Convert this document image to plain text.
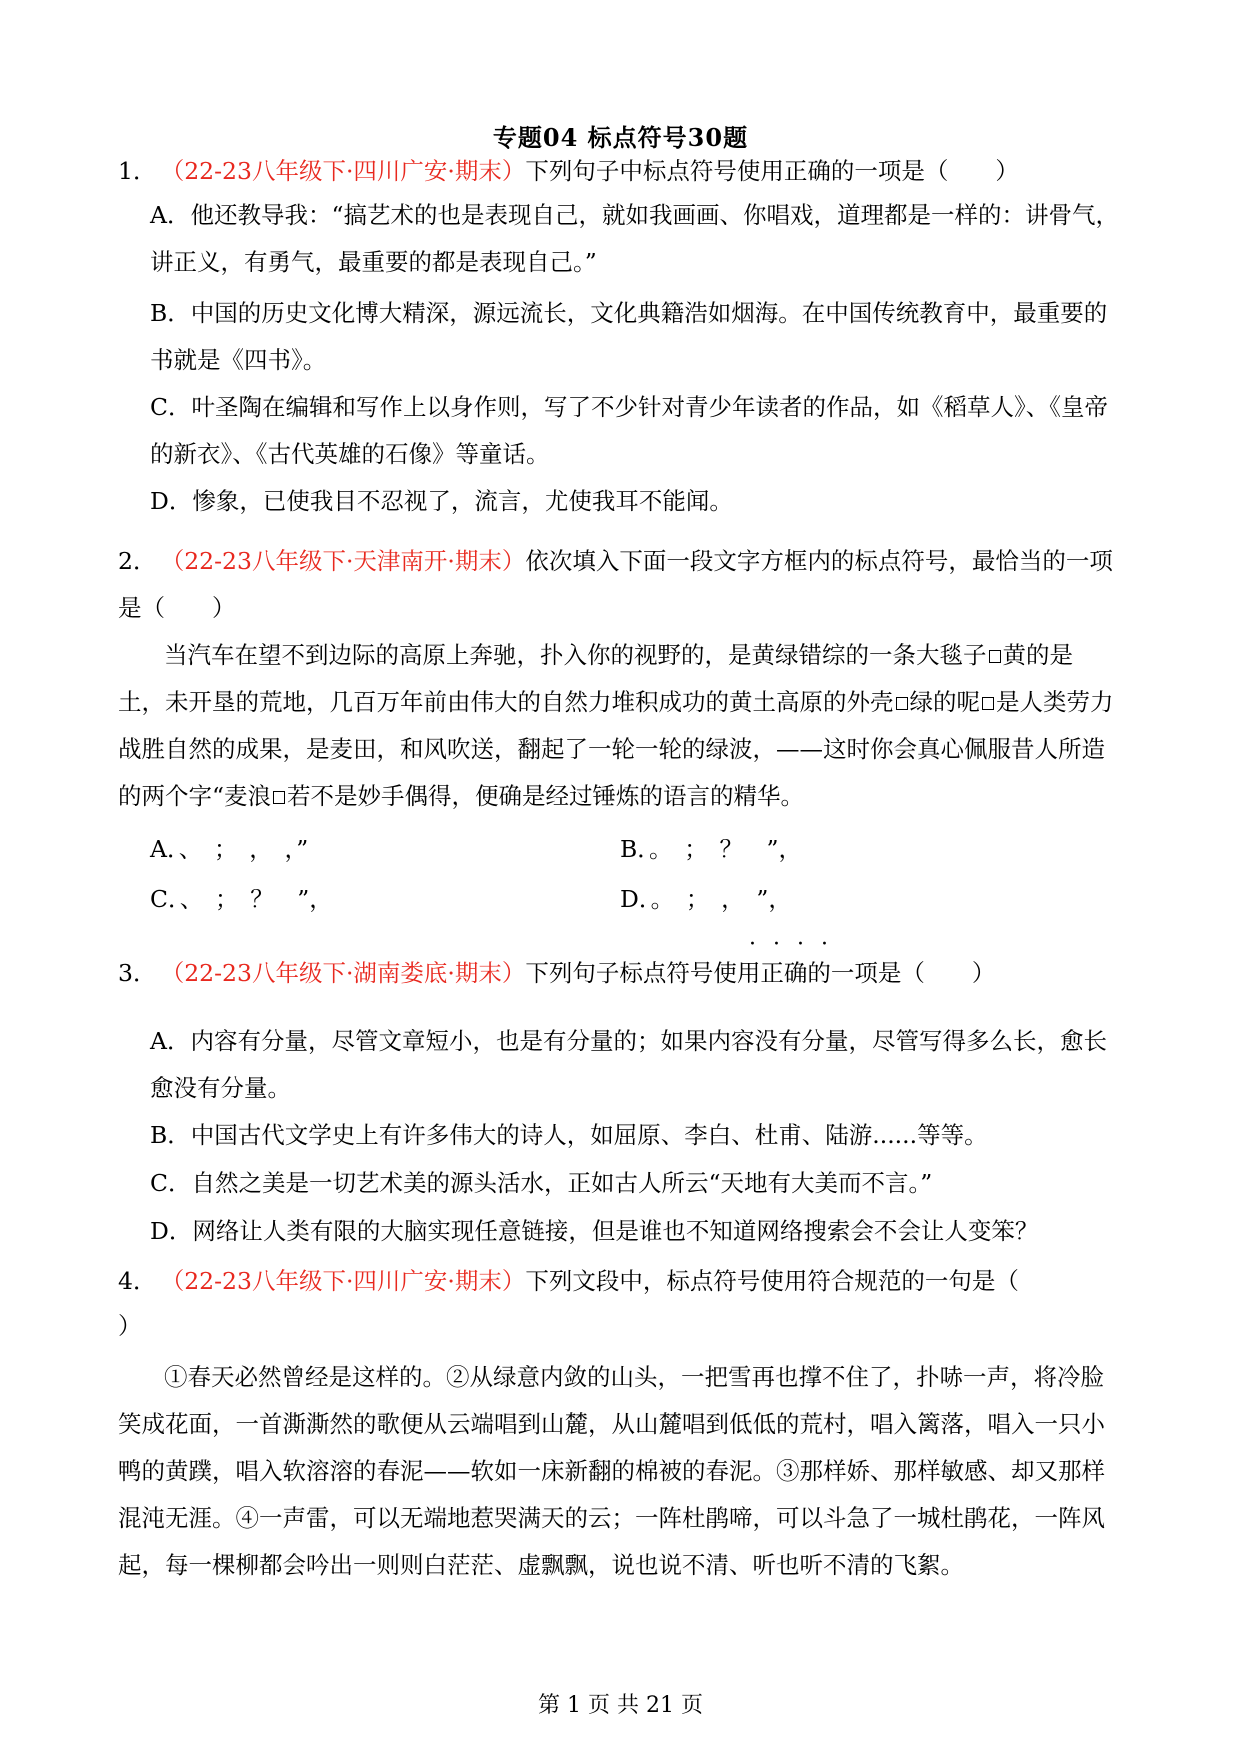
专题04 标点符号30题
1． （22-23八年级下·四川广安·期末）下列句子中标点符号使用正确的一项是（　　）
A．他还教导我：“搞艺术的也是表现自己，就如我画画、你唱戏，道理都是一样的：讲骨气，讲正义，有勇气，最重要的都是表现自己。”
B．中国的历史文化博大精深，源远流长，文化典籍浩如烟海。在中国传统教育中，最重要的书就是《四书》。
C．叶圣陶在编辑和写作上以身作则，写了不少针对青少年读者的作品，如《稻草人》、《皇帝的新衣》、《古代英雄的石像》等童话。
D．惨象，已使我目不忍视了，流言，尤使我耳不能闻。
2． （22-23八年级下·天津南开·期末）依次填入下面一段文字方框内的标点符号，最恰当的一项是（　　）
当汽车在望不到边际的高原上奔驰，扑入你的视野的，是黄绿错综的一条大毯子 黄的是土，未开垦的荒地，几百万年前由伟大的自然力堆积成功的黄土高原的外壳 绿的呢 是人类劳力战胜自然的成果，是麦田，和风吹送，翻起了一轮一轮的绿波，——这时你会真心佩服昔人所造的两个字“麦浪 若不是妙手偶得，便确是经过锤炼的语言的精华。
A．、　；　，　，”	B．。　；　？　”，
C．、　；　？　”，	D．。　；　，　”，
····
3． （22-23八年级下·湖南娄底·期末）下列句子标点符号使用正确的一项是（　　）
A．内容有分量，尽管文章短小，也是有分量的；如果内容没有分量，尽管写得多么长，愈长愈没有分量。
B．中国古代文学史上有许多伟大的诗人，如屈原、李白、杜甫、陆游......等等。
C．自然之美是一切艺术美的源头活水，正如古人所云“天地有大美而不言。”
D．网络让人类有限的大脑实现任意链接，但是谁也不知道网络搜索会不会让人变笨？
4． （22-23八年级下·四川广安·期末）下列文段中，标点符号使用符合规范的一句是（
）
①春天必然曾经是这样的。②从绿意内敛的山头，一把雪再也撑不住了，扑哧一声，将冷脸笑成花面，一首澌澌然的歌便从云端唱到山麓，从山麓唱到低低的荒村，唱入篱落，唱入一只小鸭的黄蹼，唱入软溶溶的春泥——软如一床新翻的棉被的春泥。③那样娇、那样敏感、却又那样混沌无涯。④一声雷，可以无端地惹哭满天的云；一阵杜鹃啼，可以斗急了一城杜鹃花，一阵风起，每一棵柳都会吟出一则则白茫茫、虚飘飘，说也说不清、听也听不清的飞絮。
第 1 页 共 21 页
